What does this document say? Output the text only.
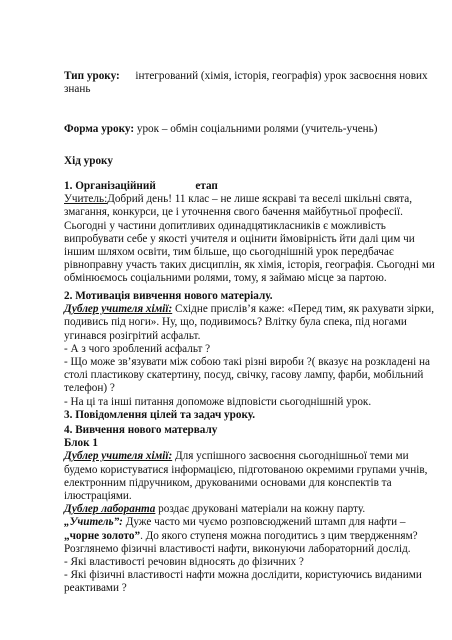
Тип уроку: інтегрований (хімія, історія, географія) урок засвоєння нових
знань
Форма уроку: урок – обмін соціальними ролями (учитель-учень)
Хід уроку
1. Організаційний	етап
Учитель:Добрий день! 11 клас – не лише яскраві та веселі шкільні свята,
змагання, конкурси, це і уточнення свого бачення майбутньої професії.
Сьогодні у частини допитливих одинадцятикласників є можливість
випробувати себе у якості учителя и оцінити ймовірність йти далі цим чи
іншим шляхом освіти, тим більше, що сьогоднішній урок передбачає
рівноправну участь таких дисциплін, як хімія, історія, географія. Сьогодні ми
обмінюємось соціальними ролями, тому, я займаю місце за партою.
2. Мотивація вивчення нового матеріалу.
Дублер учителя хімії: Східне прислів’я каже: «Перед тим, як рахувати зірки,
подивись під ноги». Ну, що, подивимось? Влітку була спека, під ногами
угинався розігрітий асфальт.
- А з чого зроблений асфальт ?
- Що може зв’язувати між собою такі різні вироби ?( вказує на розкладені на
столі пластикову скатертину, посуд, свічку, гасову лампу, фарби, мобільний
телефон) ?
- На ці та інші питання допоможе відповісти сьогоднішній урок.
3. Повідомлення цілей та задач уроку.
4. Вивчення нового матервалу
Блок 1
Дублер учителя хімії: Для успішного засвоєння сьогоднішньої теми ми
будемо користуватися інформацією, підготованою окремими групами учнів,
електронним підручником, друкованими основами для конспектів та
ілюстраціями.
Дублер лаборанта роздає друковані матеріали на кожну парту.
„Учитель”: Дуже часто ми чуємо розповсюджений штамп для нафти –
„чорне золото”. До якого ступеня можна погодитись з цим твердженням?
Розглянемо фізичні властивості нафти, виконуючи лабораторний дослід.
- Які властивості речовин відносять до фізичних ?
- Які фізичні властивості нафти можна дослідити, користуючись виданими
реактивами ?
